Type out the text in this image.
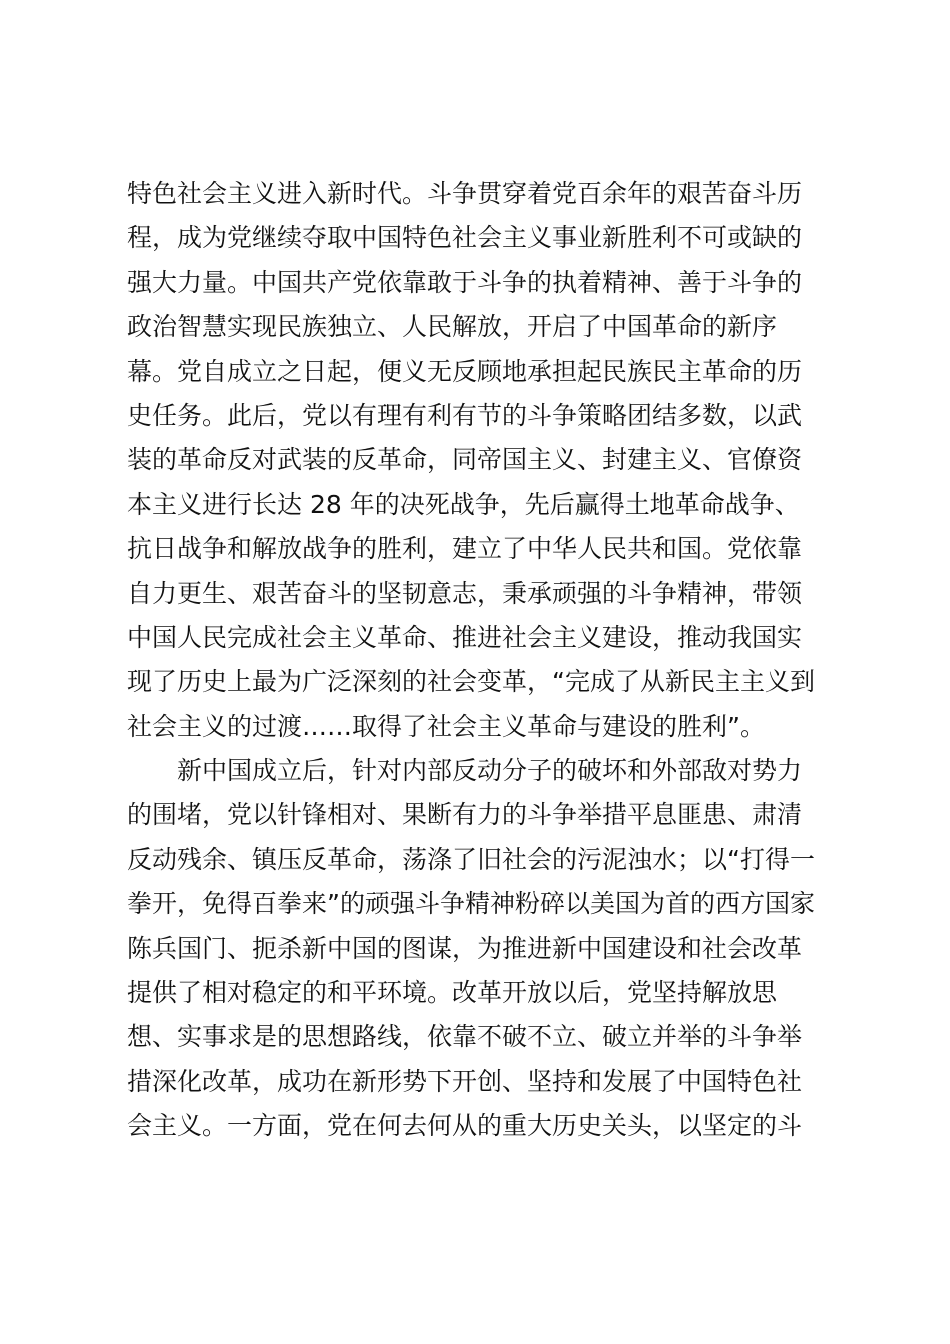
特色社会主义进入新时代。斗争贯穿着党百余年的艰苦奋斗历
程，成为党继续夺取中国特色社会主义事业新胜利不可或缺的
强大力量。中国共产党依靠敢于斗争的执着精神、善于斗争的
政治智慧实现民族独立、人民解放，开启了中国革命的新序
幕。党自成立之日起，便义无反顾地承担起民族民主革命的历
史任务。此后，党以有理有利有节的斗争策略团结多数，以武
装的革命反对武装的反革命，同帝国主义、封建主义、官僚资
本主义进行长达 28 年的决死战争，先后赢得土地革命战争、
抗日战争和解放战争的胜利，建立了中华人民共和国。党依靠
自力更生、艰苦奋斗的坚韧意志，秉承顽强的斗争精神，带领
中国人民完成社会主义革命、推进社会主义建设，推动我国实
现了历史上最为广泛深刻的社会变革，“完成了从新民主主义到
社会主义的过渡……取得了社会主义革命与建设的胜利”。
新中国成立后，针对内部反动分子的破坏和外部敌对势力
的围堵，党以针锋相对、果断有力的斗争举措平息匪患、肃清
反动残余、镇压反革命，荡涤了旧社会的污泥浊水；以“打得一
拳开，免得百拳来”的顽强斗争精神粉碎以美国为首的西方国家
陈兵国门、扼杀新中国的图谋，为推进新中国建设和社会改革
提供了相对稳定的和平环境。改革开放以后，党坚持解放思
想、实事求是的思想路线，依靠不破不立、破立并举的斗争举
措深化改革，成功在新形势下开创、坚持和发展了中国特色社
会主义。一方面，党在何去何从的重大历史关头，以坚定的斗
